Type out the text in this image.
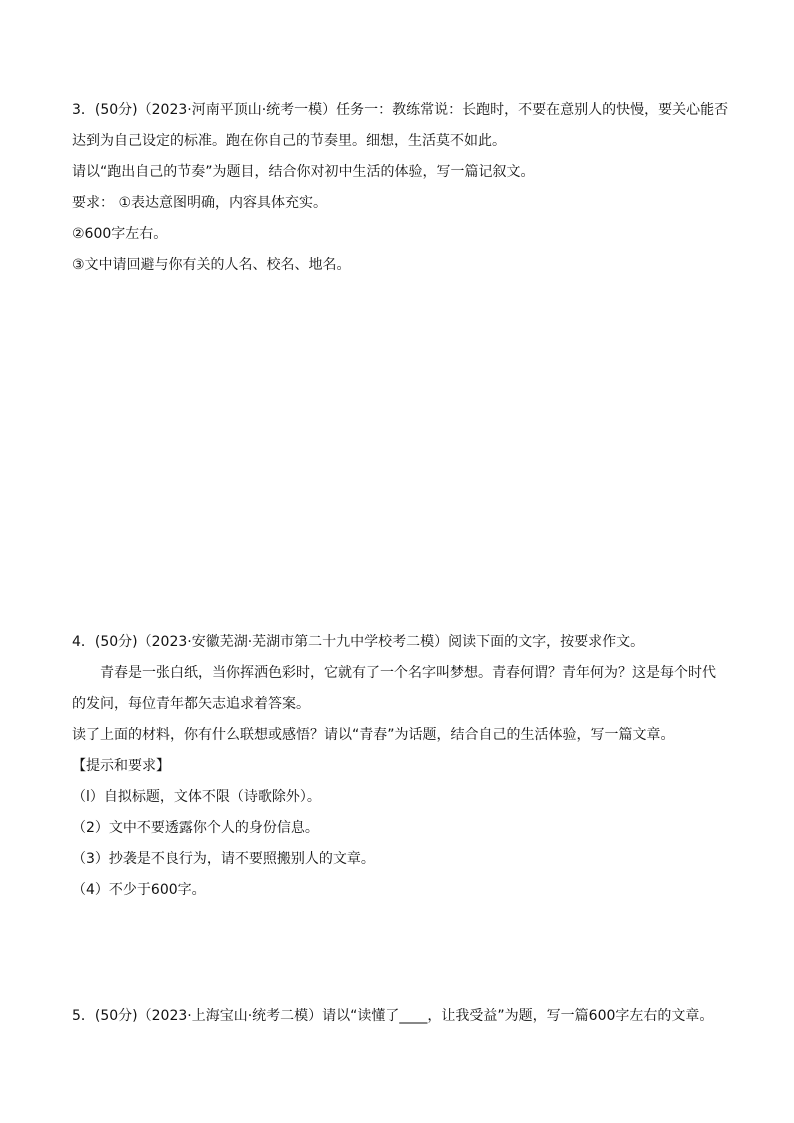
3．(50分)（2023·河南平顶山·统考一模）任务一：教练常说：长跑时，不要在意别人的快慢，要关心能否
达到为自己设定的标准。跑在你自己的节奏里。细想，生活莫不如此。
请以“跑出自己的节奏”为题目，结合你对初中生活的体验，写一篇记叙文。
要求： ①表达意图明确，内容具体充实。
②600字左右。
③文中请回避与你有关的人名、校名、地名。
4．(50分)（2023·安徽芜湖·芜湖市第二十九中学校考二模）阅读下面的文字，按要求作文。
青春是一张白纸，当你挥洒色彩时，它就有了一个名字叫梦想。青春何谓？青年何为？这是每个时代
的发问，每位青年都矢志追求着答案。
读了上面的材料，你有什么联想或感悟？请以“青春”为话题，结合自己的生活体验，写一篇文章。
【提示和要求】
（l）自拟标题，文体不限（诗歌除外）。
（2）文中不要透露你个人的身份信息。
（3）抄袭是不良行为，请不要照搬别人的文章。
（4）不少于600字。
5．(50分)（2023·上海宝山·统考二模）请以“读懂了____，让我受益”为题，写一篇600字左右的文章。
